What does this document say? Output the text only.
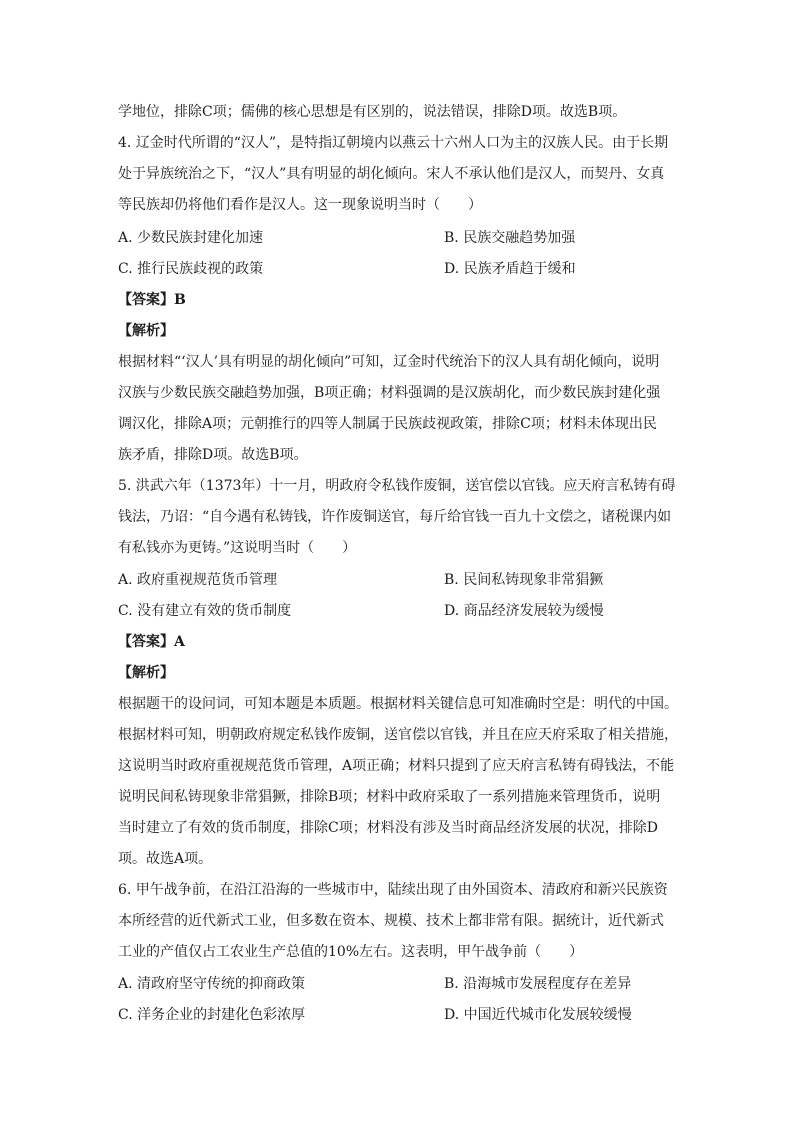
学地位，排除C项；儒佛的核心思想是有区别的，说法错误，排除D项。故选B项。
4. 辽金时代所谓的“汉人”，是特指辽朝境内以燕云十六州人口为主的汉族人民。由于长期
处于异族统治之下，“汉人”具有明显的胡化倾向。宋人不承认他们是汉人，而契丹、女真
等民族却仍将他们看作是汉人。这一现象说明当时（　　）
A. 少数民族封建化加速	B. 民族交融趋势加强
C. 推行民族歧视的政策	D. 民族矛盾趋于缓和
【答案】B
【解析】
根据材料“‘汉人’具有明显的胡化倾向”可知，辽金时代统治下的汉人具有胡化倾向，说明
汉族与少数民族交融趋势加强，B项正确；材料强调的是汉族胡化，而少数民族封建化强
调汉化，排除A项；元朝推行的四等人制属于民族歧视政策，排除C项；材料未体现出民
族矛盾，排除D项。故选B项。
5. 洪武六年（1373年）十一月，明政府令私钱作废铜，送官偿以官钱。应天府言私铸有碍
钱法，乃诏：“自今遇有私铸钱，许作废铜送官，每斤给官钱一百九十文偿之，诸税课内如
有私钱亦为更铸。”这说明当时（　　）
A. 政府重视规范货币管理	B. 民间私铸现象非常猖獗
C. 没有建立有效的货币制度	D. 商品经济发展较为缓慢
【答案】A
【解析】
根据题干的设问词，可知本题是本质题。根据材料关键信息可知准确时空是：明代的中国。
根据材料可知，明朝政府规定私钱作废铜，送官偿以官钱，并且在应天府采取了相关措施，
这说明当时政府重视规范货币管理，A项正确；材料只提到了应天府言私铸有碍钱法，不能
说明民间私铸现象非常猖獗，排除B项；材料中政府采取了一系列措施来管理货币，说明
当时建立了有效的货币制度，排除C项；材料没有涉及当时商品经济发展的状况，排除D
项。故选A项。
6. 甲午战争前，在沿江沿海的一些城市中，陆续出现了由外国资本、清政府和新兴民族资
本所经营的近代新式工业，但多数在资本、规模、技术上都非常有限。据统计，近代新式
工业的产值仅占工农业生产总值的10%左右。这表明，甲午战争前（　　）
A. 清政府坚守传统的抑商政策	B. 沿海城市发展程度存在差异
C. 洋务企业的封建化色彩浓厚	D. 中国近代城市化发展较缓慢
